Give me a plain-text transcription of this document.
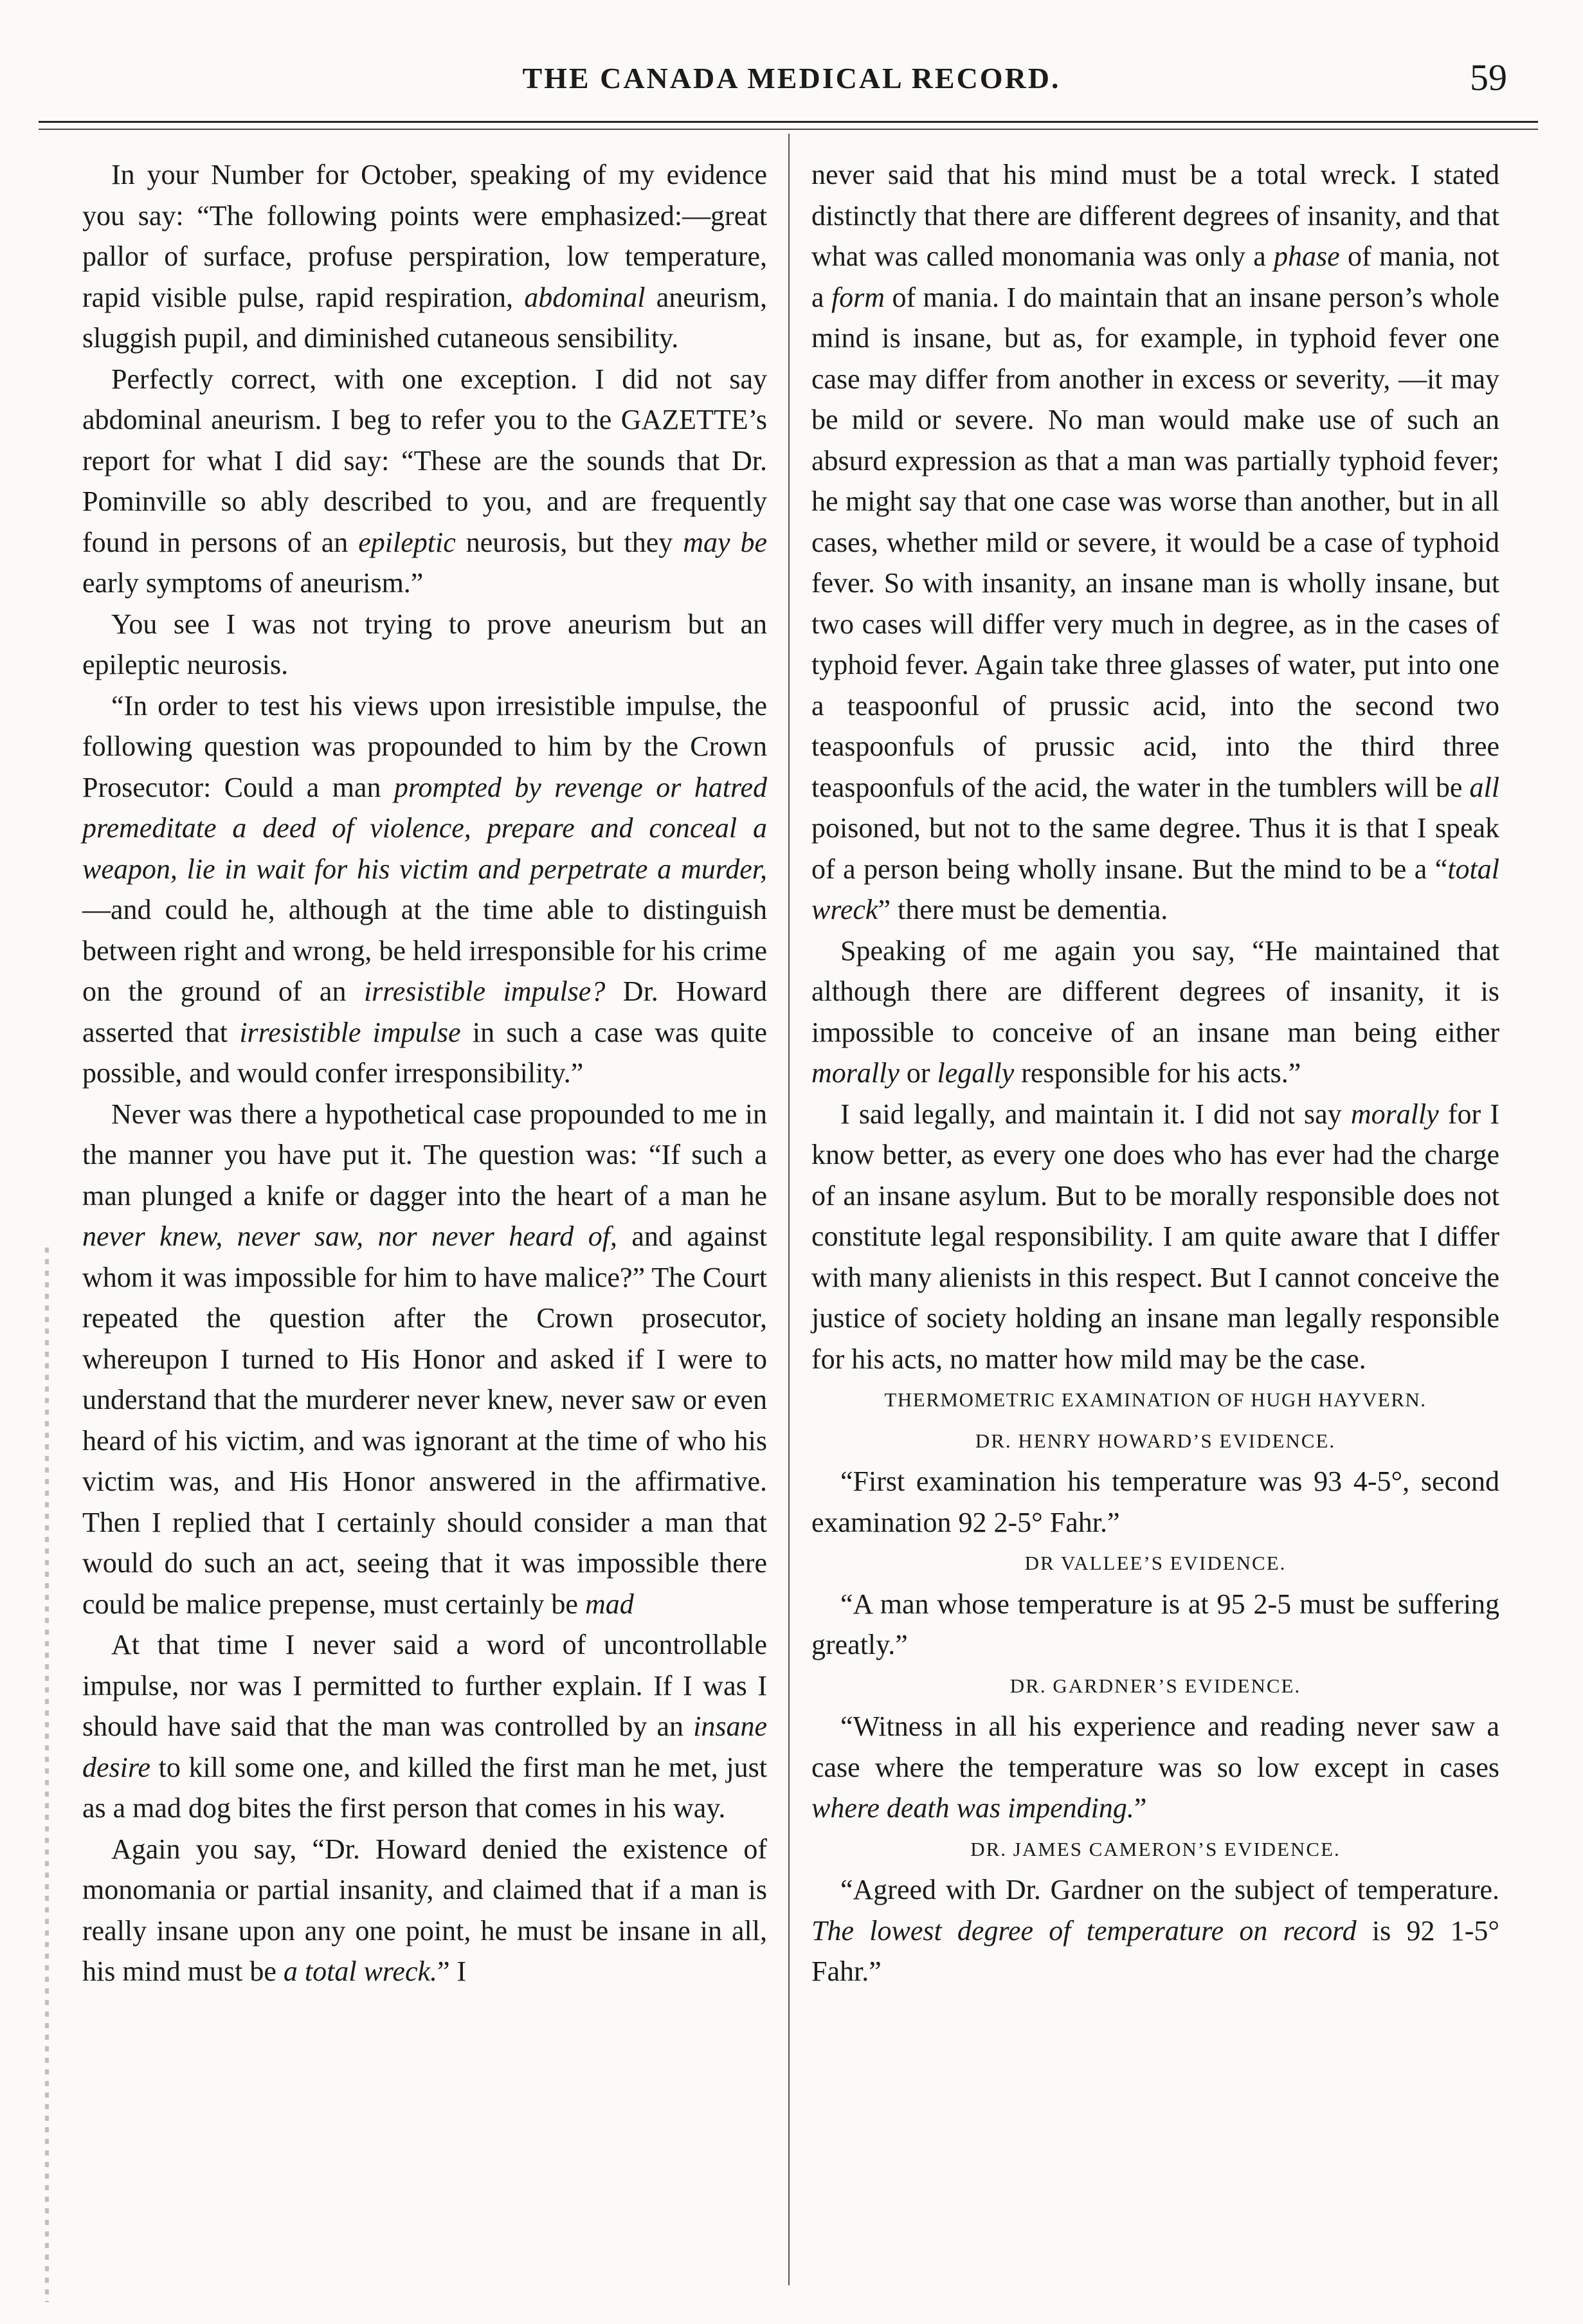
THE CANADA MEDICAL RECORD.	59

In your Number for October, speaking of my evidence you say: “The following points were emphasized:—great pallor of surface, profuse perspiration, low temperature, rapid visible pulse, rapid respiration, abdominal aneurism, sluggish pupil, and diminished cutaneous sensibility.

Perfectly correct, with one exception. I did not say abdominal aneurism. I beg to refer you to the GAZETTE’s report for what I did say: “These are the sounds that Dr. Pominville so ably described to you, and are frequently found in persons of an epileptic neurosis, but they may be early symptoms of aneurism.”

You see I was not trying to prove aneurism but an epileptic neurosis.

“In order to test his views upon irresistible impulse, the following question was propounded to him by the Crown Prosecutor: Could a man prompted by revenge or hatred premeditate a deed of violence, prepare and conceal a weapon, lie in wait for his victim and perpetrate a murder,—and could he, although at the time able to distinguish between right and wrong, be held irresponsible for his crime on the ground of an irresistible impulse? Dr. Howard asserted that irresistible impulse in such a case was quite possible, and would confer irresponsibility.”

Never was there a hypothetical case propounded to me in the manner you have put it. The question was: “If such a man plunged a knife or dagger into the heart of a man he never knew, never saw, nor never heard of, and against whom it was impossible for him to have malice?” The Court repeated the question after the Crown prosecutor, whereupon I turned to His Honor and asked if I were to understand that the murderer never knew, never saw or even heard of his victim, and was ignorant at the time of who his victim was, and His Honor answered in the affirmative. Then I replied that I certainly should consider a man that would do such an act, seeing that it was impossible there could be malice prepense, must certainly be mad

At that time I never said a word of uncontrollable impulse, nor was I permitted to further explain. If I was I should have said that the man was controlled by an insane desire to kill some one, and killed the first man he met, just as a mad dog bites the first person that comes in his way.

Again you say, “Dr. Howard denied the existence of monomania or partial insanity, and claimed that if a man is really insane upon any one point, he must be insane in all, his mind must be a total wreck.” I

never said that his mind must be a total wreck. I stated distinctly that there are different degrees of insanity, and that what was called monomania was only a phase of mania, not a form of mania. I do maintain that an insane person’s whole mind is insane, but as, for example, in typhoid fever one case may differ from another in excess or severity, —it may be mild or severe. No man would make use of such an absurd expression as that a man was partially typhoid fever; he might say that one case was worse than another, but in all cases, whether mild or severe, it would be a case of typhoid fever. So with insanity, an insane man is wholly insane, but two cases will differ very much in degree, as in the cases of typhoid fever. Again take three glasses of water, put into one a teaspoonful of prussic acid, into the second two teaspoonfuls of prussic acid, into the third three teaspoonfuls of the acid, the water in the tumblers will be all poisoned, but not to the same degree. Thus it is that I speak of a person being wholly insane. But the mind to be a “total wreck” there must be dementia.

Speaking of me again you say, “He maintained that although there are different degrees of insanity, it is impossible to conceive of an insane man being either morally or legally responsible for his acts.”

I said legally, and maintain it. I did not say morally for I know better, as every one does who has ever had the charge of an insane asylum. But to be morally responsible does not constitute legal responsibility. I am quite aware that I differ with many alienists in this respect. But I cannot conceive the justice of society holding an insane man legally responsible for his acts, no matter how mild may be the case.

THERMOMETRIC EXAMINATION OF HUGH HAYVERN.

DR. HENRY HOWARD’S EVIDENCE.

“First examination his temperature was 93 4-5°, second examination 92 2-5° Fahr.”

DR VALLEE’S EVIDENCE.

“A man whose temperature is at 95 2-5 must be suffering greatly.”

DR. GARDNER’S EVIDENCE.

“Witness in all his experience and reading never saw a case where the temperature was so low except in cases where death was impending.”

DR. JAMES CAMERON’S EVIDENCE.

“Agreed with Dr. Gardner on the subject of temperature. The lowest degree of temperature on record is 92 1-5° Fahr.”
